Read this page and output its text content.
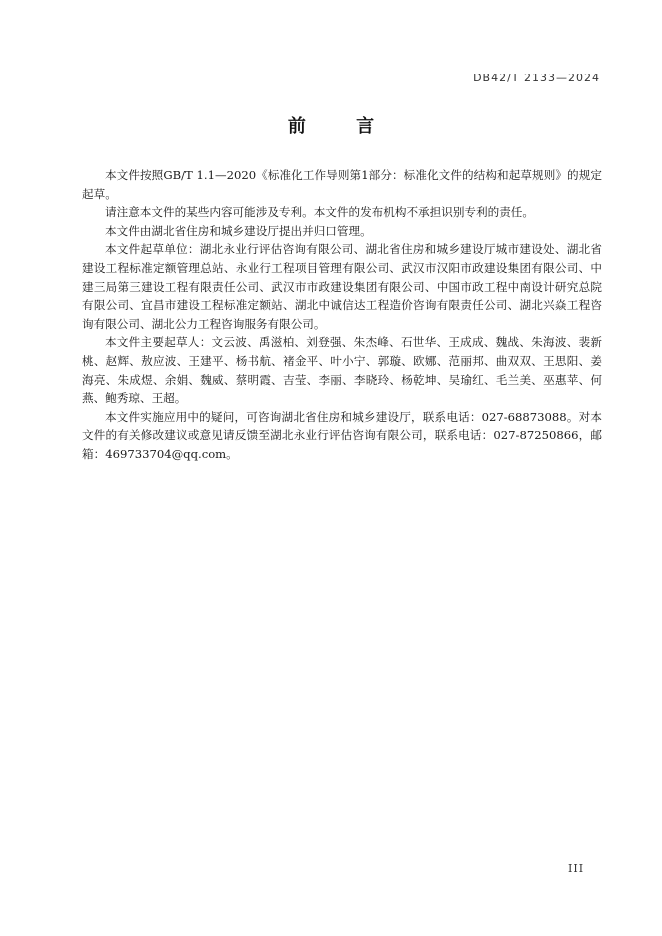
DB42/T 2133—2024
前 言

本文件按照GB/T 1.1—2020《标准化工作导则第1部分：标准化文件的结构和起草规则》的规定起草。

请注意本文件的某些内容可能涉及专利。本文件的发布机构不承担识别专利的责任。

本文件由湖北省住房和城乡建设厅提出并归口管理。

本文件起草单位：湖北永业行评估咨询有限公司、湖北省住房和城乡建设厅城市建设处、湖北省建设工程标准定额管理总站、永业行工程项目管理有限公司、武汉市汉阳市政建设集团有限公司、中建三局第三建设工程有限责任公司、武汉市市政建设集团有限公司、中国市政工程中南设计研究总院有限公司、宜昌市建设工程标准定额站、湖北中诚信达工程造价咨询有限责任公司、湖北兴焱工程咨询有限公司、湖北公力工程咨询服务有限公司。

本文件主要起草人：文云波、禹滋柏、刘登强、朱杰峰、石世华、王成成、魏战、朱海波、裴新桃、赵辉、敖应波、王建平、杨书航、褚金平、叶小宁、郭璇、欧娜、范丽邦、曲双双、王思阳、姜海亮、朱成煜、余娟、魏威、蔡明霞、吉莹、李丽、李晓玲、杨乾坤、吴瑜红、毛兰美、巫惠苹、何燕、鲍秀琼、王超。

本文件实施应用中的疑问，可咨询湖北省住房和城乡建设厅，联系电话：027-68873088。对本文件的有关修改建议或意见请反馈至湖北永业行评估咨询有限公司，联系电话：027-87250866，邮箱：469733704@qq.com。

III
